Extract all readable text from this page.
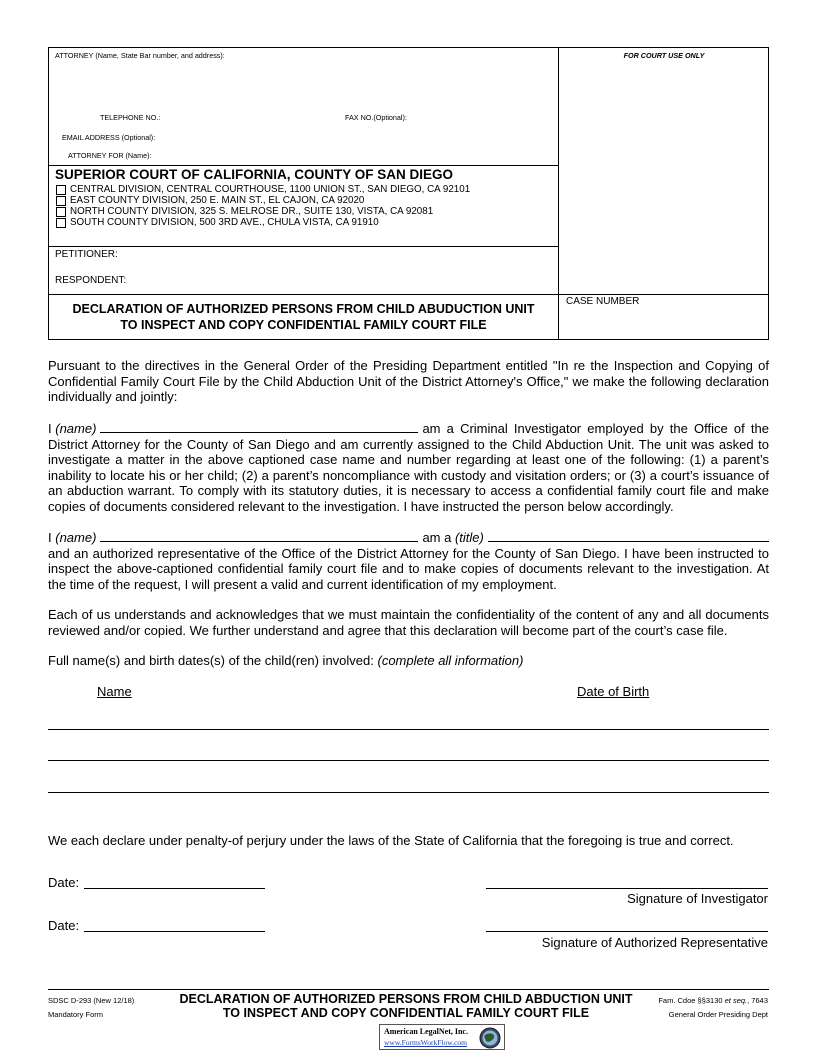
ATTORNEY (Name, State Bar number, and address):
TELEPHONE NO.:	FAX NO.(Optional):
EMAIL ADDRESS (Optional):
ATTORNEY FOR (Name):
FOR COURT USE ONLY
SUPERIOR COURT OF CALIFORNIA, COUNTY OF SAN DIEGO
CENTRAL DIVISION, CENTRAL COURTHOUSE, 1100 UNION ST., SAN DIEGO, CA 92101
EAST COUNTY DIVISION, 250 E. MAIN ST., EL CAJON, CA 92020
NORTH COUNTY DIVISION, 325 S. MELROSE DR., SUITE 130, VISTA, CA 92081
SOUTH COUNTY DIVISION, 500 3RD AVE., CHULA VISTA, CA 91910
PETITIONER:
RESPONDENT:
CASE NUMBER
DECLARATION OF AUTHORIZED PERSONS FROM CHILD ABUDUCTION UNIT
TO INSPECT AND COPY CONFIDENTIAL FAMILY COURT FILE
Pursuant to the directives in the General Order of the Presiding Department entitled "In re the Inspection and Copying of Confidential Family Court File by the Child Abduction Unit of the District Attorney's Office," we make the following declaration individually and jointly:
I
(name)	am a Criminal Investigator employed by the Office of the
District Attorney for the County of San Diego and am currently assigned to the Child Abduction Unit. The unit was asked to investigate a matter in the above captioned case name and number regarding at least one of the following: (1) a parent’s inability to locate his or her child; (2) a parent’s noncompliance with custody and visitation orders; or (3) a court’s issuance of an abduction warrant. To comply with its statutory duties, it is necessary to access a confidential family court file and make copies of documents considered relevant to the investigation. I have instructed the person below accordingly.
I
(name)	am a
(title)
and an authorized representative of the Office of the District Attorney for the County of San Diego. I have been instructed to inspect the above-captioned confidential family court file and to make copies of documents relevant to the investigation. At the time of the request, I will present a valid and current identification of my employment.
Each of us understands and acknowledges that we must maintain the confidentiality of the content of any and all documents reviewed and/or copied. We further understand and agree that this declaration will become part of the court’s case file.
Full name(s) and birth dates(s) of the child(ren) involved: (complete all information)
Name	Date of Birth
We each declare under penalty-of perjury under the laws of the State of California that the foregoing is true and correct.
Date:
Signature of Investigator
Date:
Signature of Authorized Representative
SDSC D-293 (New 12/18)
Mandatory Form
DECLARATION OF AUTHORIZED PERSONS FROM CHILD ABDUCTION UNIT
TO INSPECT AND COPY CONFIDENTIAL FAMILY COURT FILE
Fam. Cdoe §§3130 et seq., 7643
General Order Presiding Dept
American LegalNet, Inc.
www.FormsWorkFlow.com
